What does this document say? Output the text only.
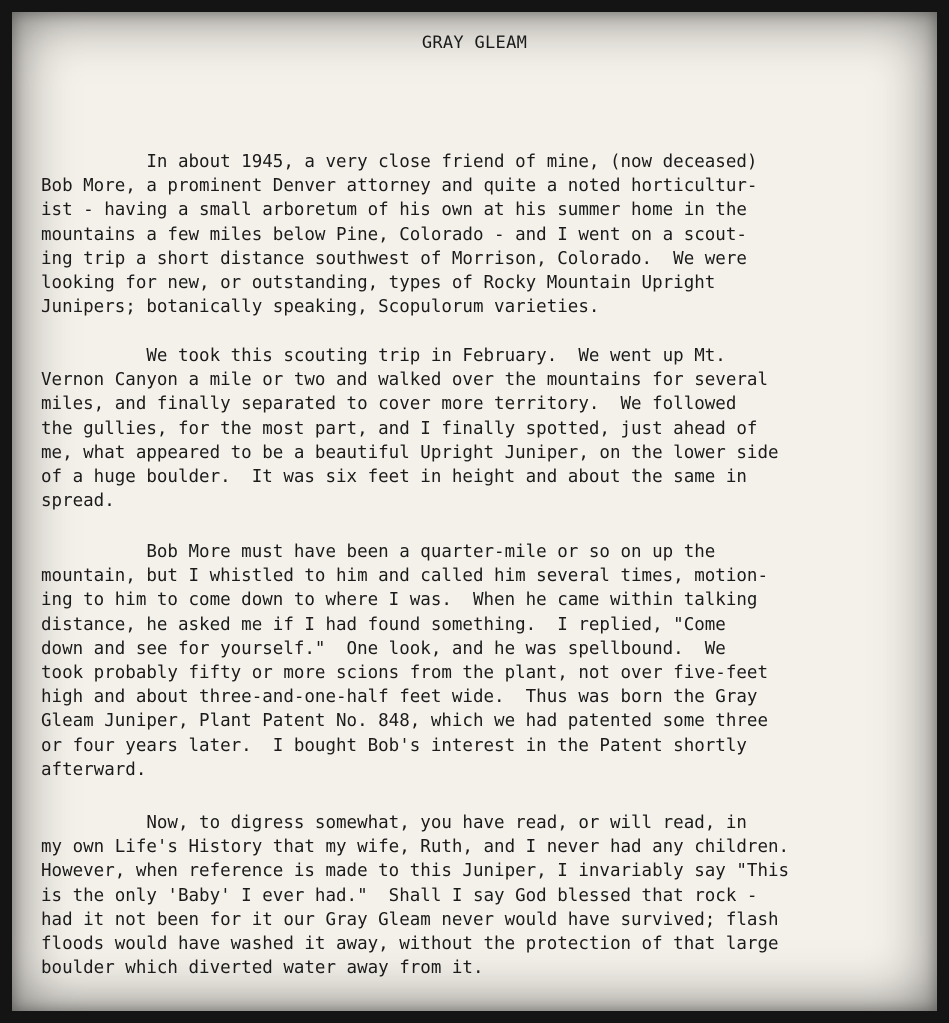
GRAY GLEAM

In about 1945, a very close friend of mine, (now deceased)
Bob More, a prominent Denver attorney and quite a noted horticultur-
ist - having a small arboretum of his own at his summer home in the
mountains a few miles below Pine, Colorado - and I went on a scout-
ing trip a short distance southwest of Morrison, Colorado.  We were
looking for new, or outstanding, types of Rocky Mountain Upright
Junipers; botanically speaking, Scopulorum varieties.

We took this scouting trip in February.  We went up Mt.
Vernon Canyon a mile or two and walked over the mountains for several
miles, and finally separated to cover more territory.  We followed
the gullies, for the most part, and I finally spotted, just ahead of
me, what appeared to be a beautiful Upright Juniper, on the lower side
of a huge boulder.  It was six feet in height and about the same in
spread.

Bob More must have been a quarter-mile or so on up the
mountain, but I whistled to him and called him several times, motion-
ing to him to come down to where I was.  When he came within talking
distance, he asked me if I had found something.  I replied, "Come
down and see for yourself."  One look, and he was spellbound.  We
took probably fifty or more scions from the plant, not over five-feet
high and about three-and-one-half feet wide.  Thus was born the Gray
Gleam Juniper, Plant Patent No. 848, which we had patented some three
or four years later.  I bought Bob's interest in the Patent shortly
afterward.

Now, to digress somewhat, you have read, or will read, in
my own Life's History that my wife, Ruth, and I never had any children.
However, when reference is made to this Juniper, I invariably say "This
is the only 'Baby' I ever had."  Shall I say God blessed that rock -
had it not been for it our Gray Gleam never would have survived; flash
floods would have washed it away, without the protection of that large
boulder which diverted water away from it.
